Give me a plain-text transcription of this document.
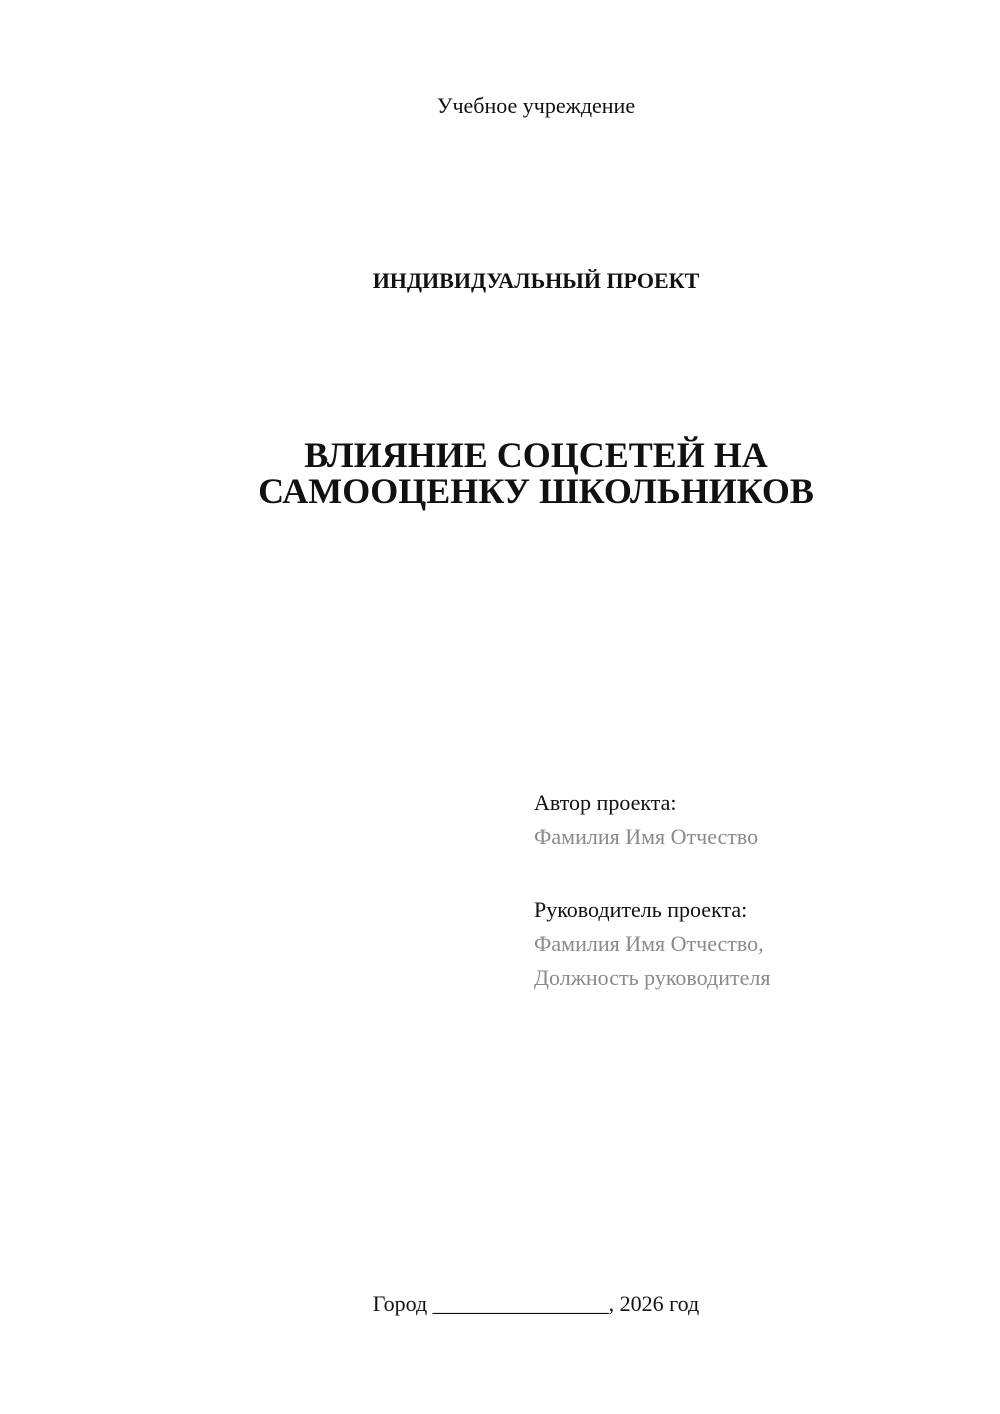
Учебное учреждение
ИНДИВИДУАЛЬНЫЙ ПРОЕКТ
ВЛИЯНИЕ СОЦСЕТЕЙ НА
САМООЦЕНКУ ШКОЛЬНИКОВ
Автор проекта:
Фамилия Имя Отчество
Руководитель проекта:
Фамилия Имя Отчество,
Должность руководителя
Город ________________, 2026 год
